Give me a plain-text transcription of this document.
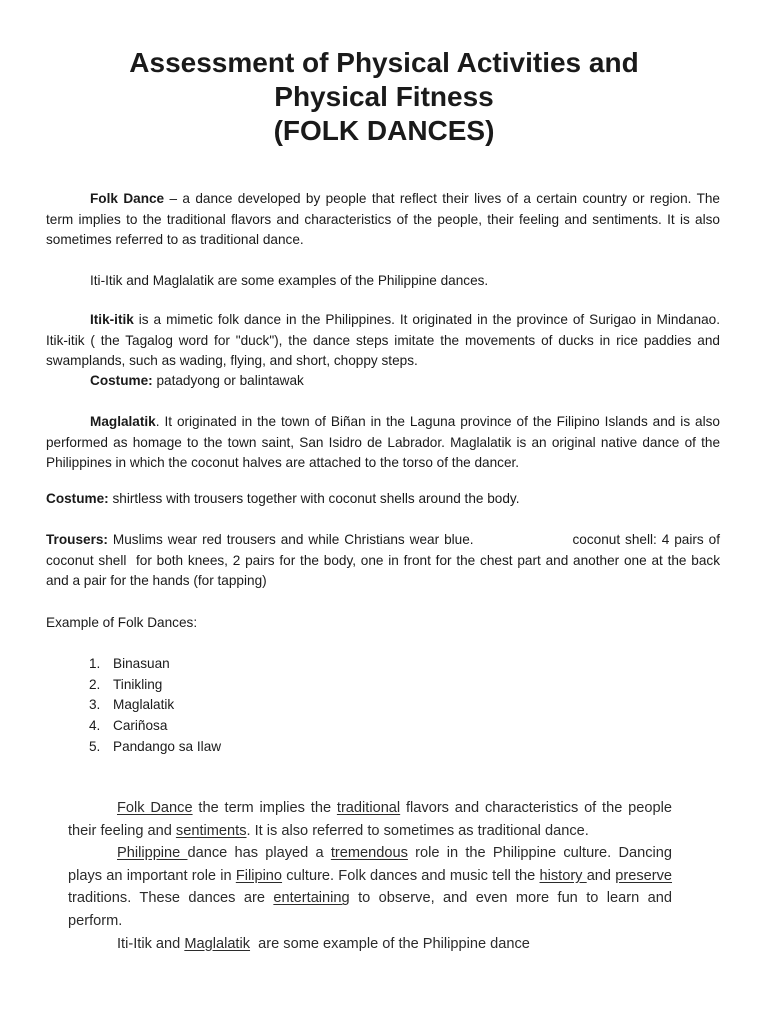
Assessment of Physical Activities and
Physical Fitness
(FOLK DANCES)

Folk Dance – a dance developed by people that reflect their lives of a certain country or region. The term implies to the traditional flavors and characteristics of the people, their feeling and sentiments. It is also sometimes referred to as traditional dance.

Iti-Itik and Maglalatik are some examples of the Philippine dances.

Itik-itik is a mimetic folk dance in the Philippines. It originated in the province of Surigao in Mindanao. Itik-itik ( the Tagalog word for "duck"), the dance steps imitate the movements of ducks in rice paddies and swamplands, such as wading, flying, and short, choppy steps.

Costume: patadyong or balintawak

Maglalatik. It originated in the town of Biñan in the Laguna province of the Filipino Islands and is also performed as homage to the town saint, San Isidro de Labrador. Maglalatik is an original native dance of the Philippines in which the coconut halves are attached to the torso of the dancer.

Costume: shirtless with trousers together with coconut shells around the body.

Trousers: Muslims wear red trousers and while Christians wear blue.                    coconut shell: 4 pairs of coconut shell  for both knees, 2 pairs for the body, one in front for the chest part and another one at the back and a pair for the hands (for tapping)

Example of Folk Dances:

1. Binasuan
2. Tinikling
3. Maglalatik
4. Cariñosa
5. Pandango sa Ilaw
Folk Dance the term implies the traditional flavors and characteristics of the people their feeling and sentiments. It is also referred to sometimes as traditional dance.
Philippine dance has played a tremendous role in the Philippine culture. Dancing plays an important role in Filipino culture. Folk dances and music tell the history and preserve traditions. These dances are entertaining to observe, and even more fun to learn and perform.
Iti-Itik and Maglalatik  are some example of the Philippine dance
